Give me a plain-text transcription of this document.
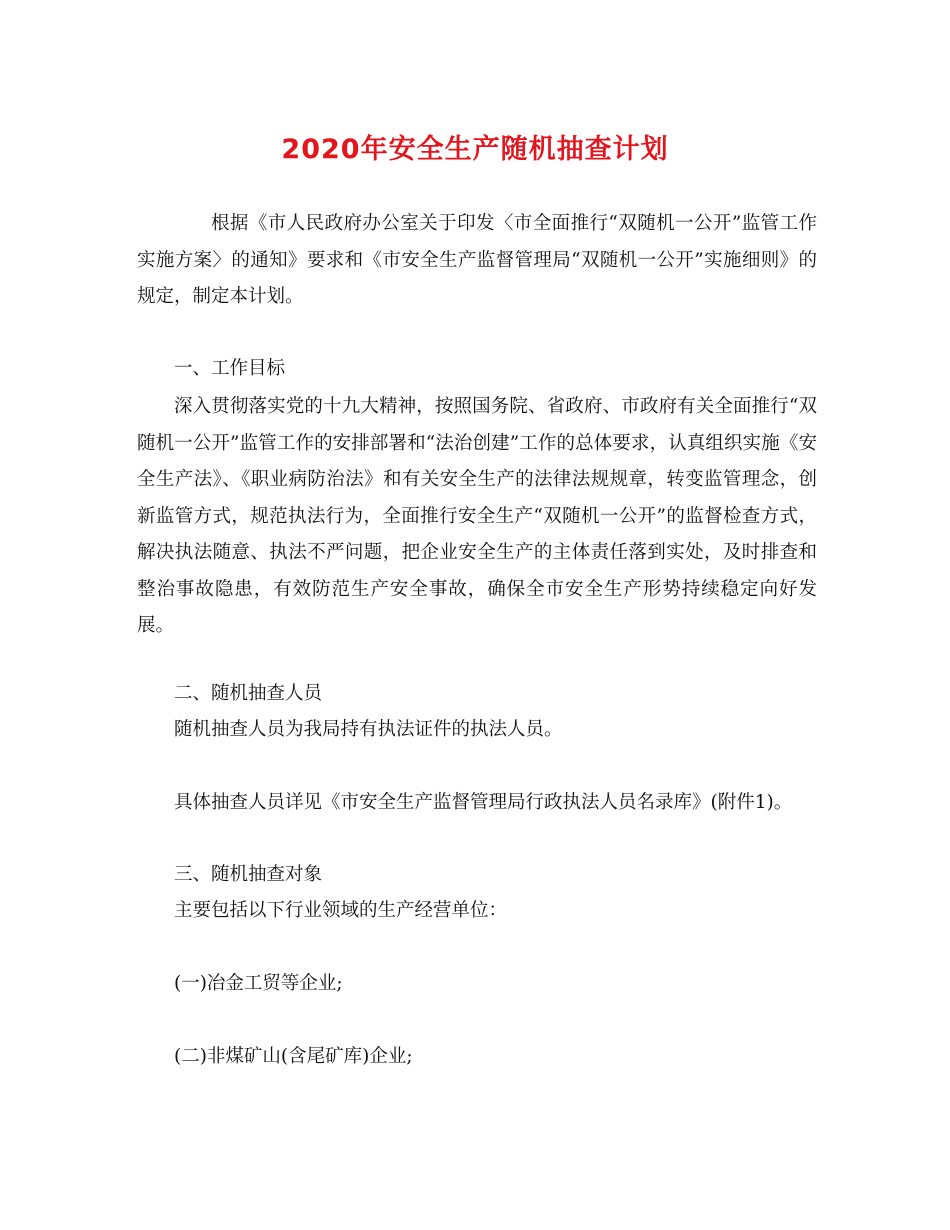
2020年安全生产随机抽查计划

根据《市人民政府办公室关于印发〈市全面推行“双随机一公开”监管工作实施方案〉的通知》要求和《市安全生产监督管理局“双随机一公开”实施细则》的规定，制定本计划。

一、工作目标

深入贯彻落实党的十九大精神，按照国务院、省政府、市政府有关全面推行“双随机一公开”监管工作的安排部署和“法治创建”工作的总体要求，认真组织实施《安全生产法》、《职业病防治法》和有关安全生产的法律法规规章，转变监管理念，创新监管方式，规范执法行为，全面推行安全生产“双随机一公开”的监督检查方式，解决执法随意、执法不严问题，把企业安全生产的主体责任落到实处，及时排查和整治事故隐患，有效防范生产安全事故，确保全市安全生产形势持续稳定向好发展。

二、随机抽查人员

随机抽查人员为我局持有执法证件的执法人员。

具体抽查人员详见《市安全生产监督管理局行政执法人员名录库》(附件1)。

三、随机抽查对象

主要包括以下行业领域的生产经营单位：

(一)冶金工贸等企业;

(二)非煤矿山(含尾矿库)企业;
